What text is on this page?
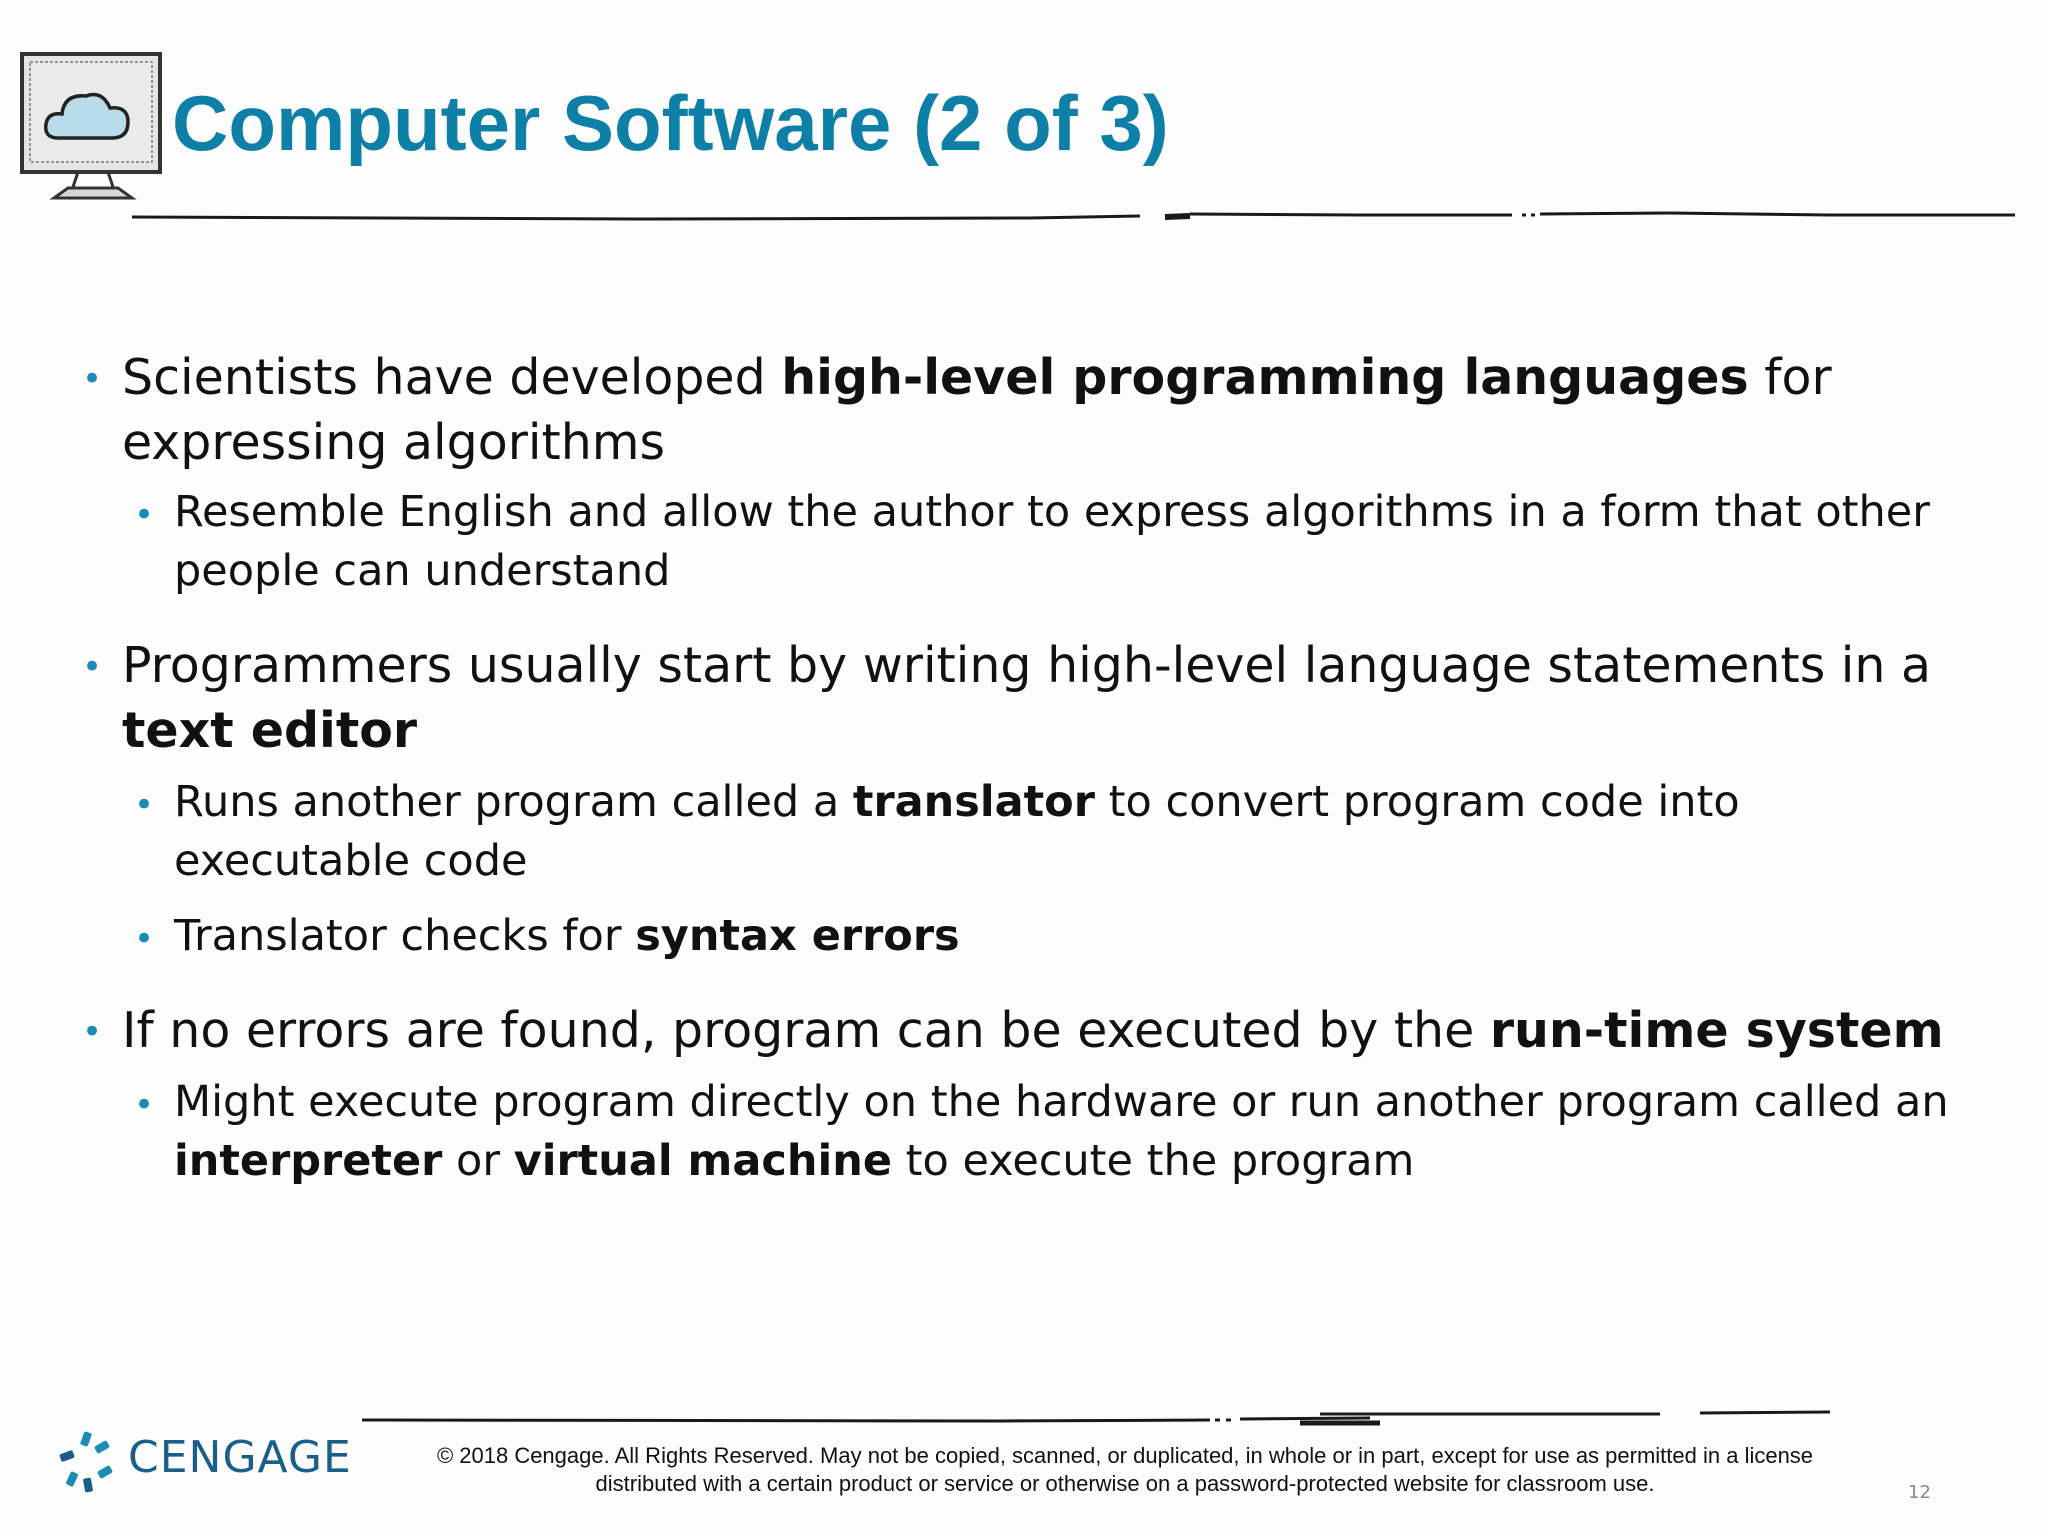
Computer Software (2 of 3)

• Scientists have developed high-level programming languages for expressing algorithms

• Resemble English and allow the author to express algorithms in a form that other people can understand

• Programmers usually start by writing high-level language statements in a text editor

• Runs another program called a translator to convert program code into executable code

• Translator checks for syntax errors

• If no errors are found, program can be executed by the run-time system

• Might execute program directly on the hardware or run another program called an interpreter or virtual machine to execute the program

CENGAGE	© 2018 Cengage. All Rights Reserved. May not be copied, scanned, or duplicated, in whole or in part, except for use as permitted in a license
distributed with a certain product or service or otherwise on a password-protected website for classroom use.	12
